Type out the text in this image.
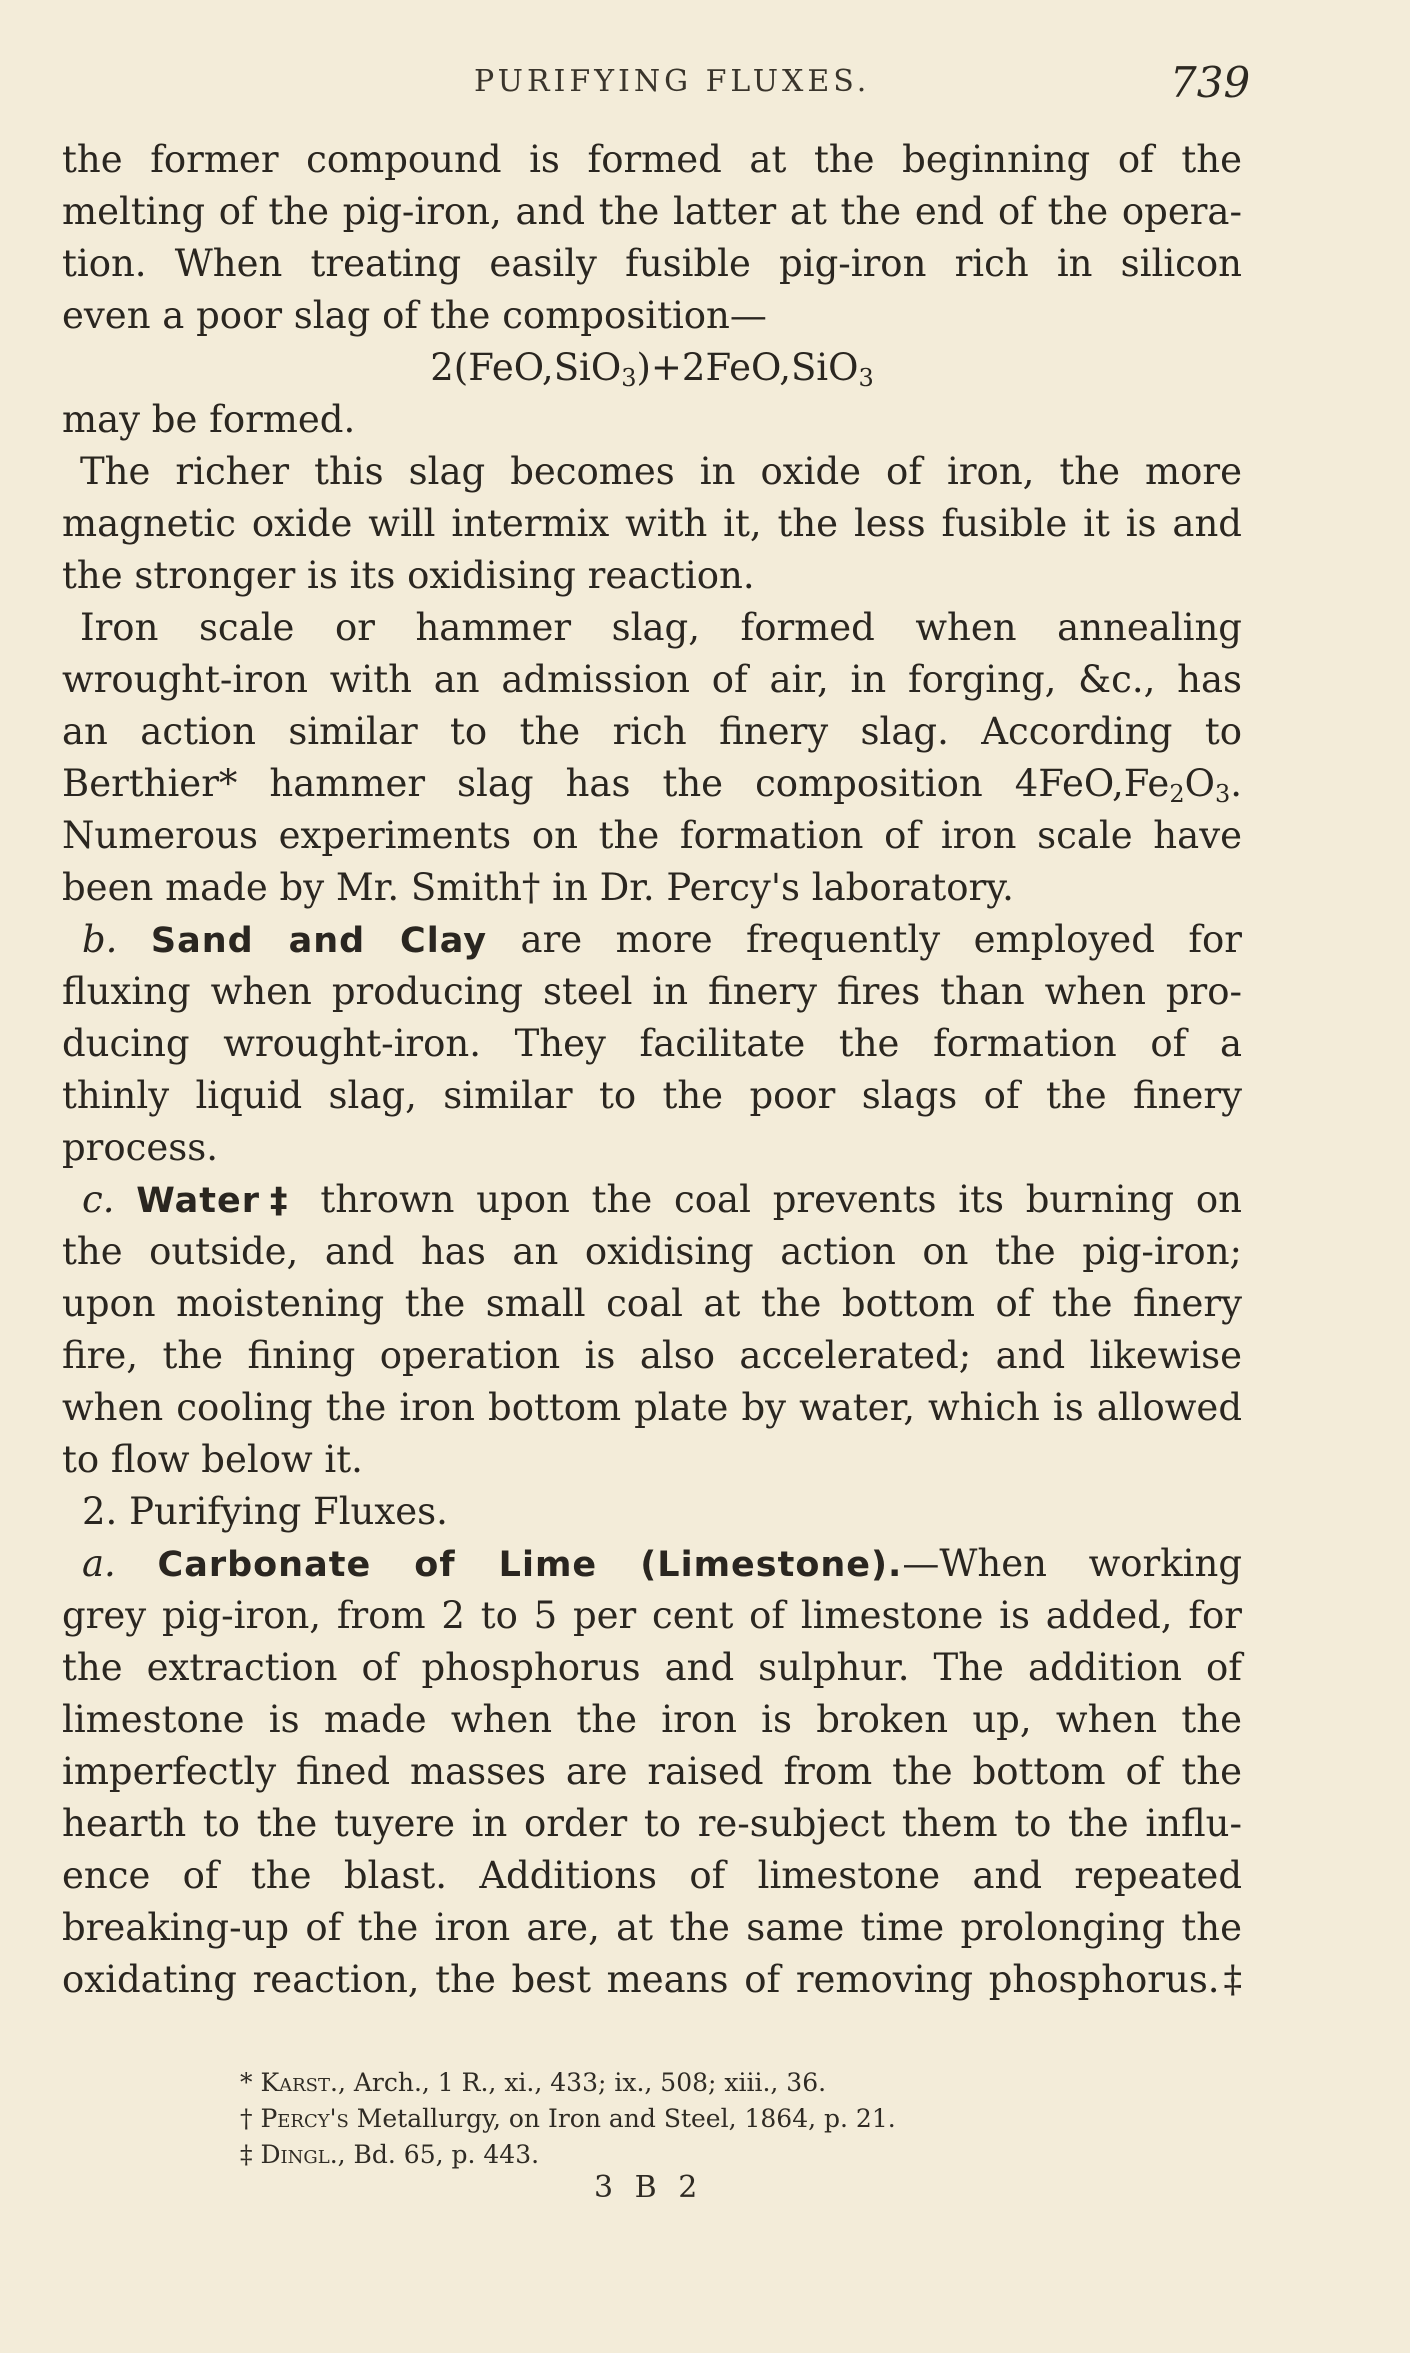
PURIFYING FLUXES.	739
the former compound is formed at the beginning of the
melting of the pig-iron, and the latter at the end of the opera-
tion. When treating easily fusible pig-iron rich in silicon
even a poor slag of the composition—
2(FeO,SiO$_3$)+2FeO,SiO$_3$
may be formed.
The richer this slag becomes in oxide of iron, the more
magnetic oxide will intermix with it, the less fusible it is and
the stronger is its oxidising reaction.
Iron scale or hammer slag, formed when annealing
wrought-iron with an admission of air, in forging, &c., has
an action similar to the rich finery slag. According to
Berthier* hammer slag has the composition $4FeO,Fe_2O_3$.
Numerous experiments on the formation of iron scale have
been made by Mr. Smith† in Dr. Percy's laboratory.
b. Sand and Clay are more frequently employed for
fluxing when producing steel in finery fires than when pro-
ducing wrought-iron. They facilitate the formation of a
thinly liquid slag, similar to the poor slags of the finery
process.
c. Water‡ thrown upon the coal prevents its burning on
the outside, and has an oxidising action on the pig-iron;
upon moistening the small coal at the bottom of the finery
fire, the fining operation is also accelerated; and likewise
when cooling the iron bottom plate by water, which is allowed
to flow below it.
2. Purifying Fluxes.
a. Carbonate of Lime (Limestone).—When working
grey pig-iron, from 2 to 5 per cent of limestone is added, for
the extraction of phosphorus and sulphur. The addition of
limestone is made when the iron is broken up, when the
imperfectly fined masses are raised from the bottom of the
hearth to the tuyere in order to re-subject them to the influ-
ence of the blast. Additions of limestone and repeated
breaking-up of the iron are, at the same time prolonging the
oxidating reaction, the best means of removing phosphorus.‡
* Karst., Arch., 1 R., xi., 433; ix., 508; xiii., 36.
† Percy's Metallurgy, on Iron and Steel, 1864, p. 21.
‡ Dingl., Bd. 65, p. 443.
3 B 2
